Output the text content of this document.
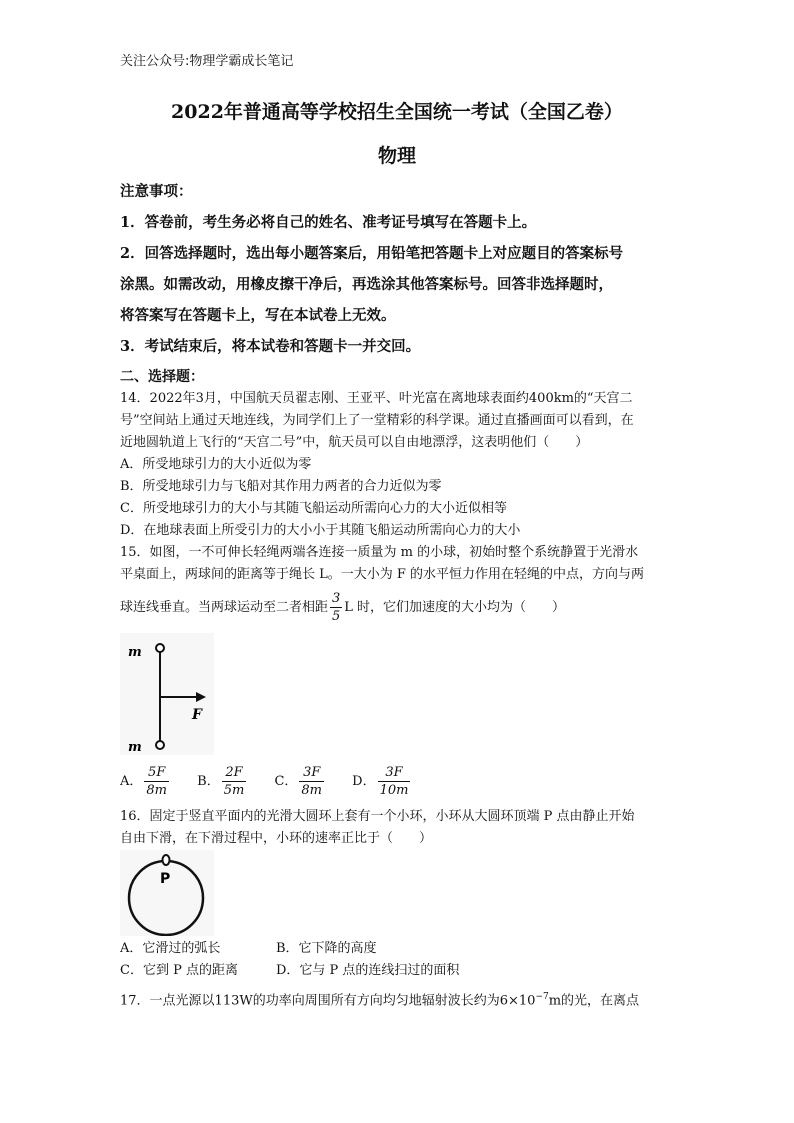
关注公众号:物理学霸成长笔记
2022年普通高等学校招生全国统一考试（全国乙卷）
物理
注意事项：
1．答卷前，考生务必将自己的姓名、准考证号填写在答题卡上。
2．回答选择题时，选出每小题答案后，用铅笔把答题卡上对应题目的答案标号
涂黑。如需改动，用橡皮擦干净后，再选涂其他答案标号。回答非选择题时，
将答案写在答题卡上，写在本试卷上无效。
3．考试结束后，将本试卷和答题卡一并交回。
二、选择题：
14．2022年3月，中国航天员翟志刚、王亚平、叶光富在离地球表面约400km的“天宫二
号”空间站上通过天地连线，为同学们上了一堂精彩的科学课。通过直播画面可以看到，在
近地圆轨道上飞行的“天宫二号”中，航天员可以自由地漂浮，这表明他们（　　）
A．所受地球引力的大小近似为零
B．所受地球引力与飞船对其作用力两者的合力近似为零
C．所受地球引力的大小与其随飞船运动所需向心力的大小近似相等
D．在地球表面上所受引力的大小小于其随飞船运动所需向心力的大小
15．如图，一不可伸长轻绳两端各连接一质量为 m 的小球，初始时整个系统静置于光滑水
平桌面上，两球间的距离等于绳长 L。一大小为 F 的水平恒力作用在轻绳的中点，方向与两
球连线垂直。当两球运动至二者相距 $\frac{3}{5}$ L 时，它们加速度的大小均为（　　）
m
m
F
A． $\frac{5F}{8m}$ B． $\frac{2F}{5m}$ C． $\frac{3F}{8m}$ D． $\frac{3F}{10m}$
16．固定于竖直平面内的光滑大圆环上套有一个小环，小环从大圆环顶端 P 点由静止开始
自由下滑，在下滑过程中，小环的速率正比于（　　）
P
A．它滑过的弧长	B．它下降的高度
C．它到 P 点的距离	D．它与 P 点的连线扫过的面积
17．一点光源以113W的功率向周围所有方向均匀地辐射波长约为$6\times 10^{-7}m$的光，在离点
